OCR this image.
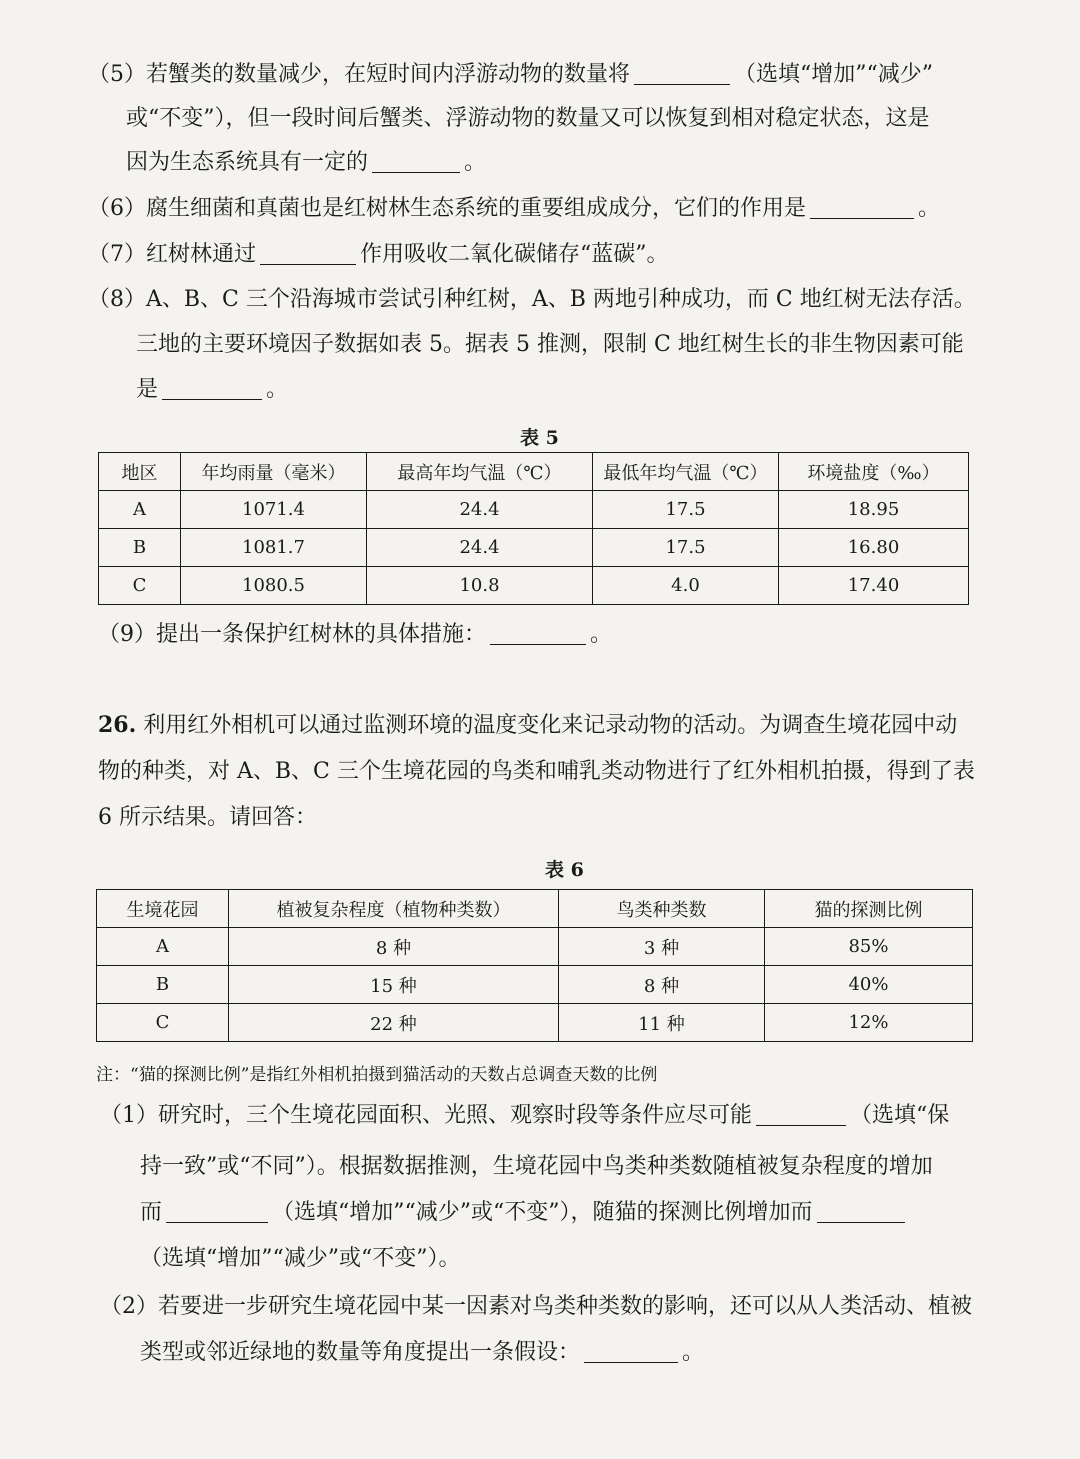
（5）若蟹类的数量减少，在短时间内浮游动物的数量将	（选填“增加”“减少”
或“不变”），但一段时间后蟹类、浮游动物的数量又可以恢复到相对稳定状态，这是
因为生态系统具有一定的	。
（6）腐生细菌和真菌也是红树林生态系统的重要组成成分，它们的作用是	。
（7）红树林通过	作用吸收二氧化碳储存“蓝碳”。
（8）A、B、C 三个沿海城市尝试引种红树，A、B 两地引种成功，而 C 地红树无法存活。
三地的主要环境因子数据如表 5。据表 5 推测，限制 C 地红树生长的非生物因素可能
是	。
表 5
地区	年均雨量（毫米）	最高年均气温（℃）	最低年均气温（℃）	环境盐度（‰）
A	1071.4	24.4	17.5	18.95
B	1081.7	24.4	17.5	16.80
C	1080.5	10.8	4.0	17.40
（9）提出一条保护红树林的具体措施：	。
26. 利用红外相机可以通过监测环境的温度变化来记录动物的活动。为调查生境花园中动
物的种类，对 A、B、C 三个生境花园的鸟类和哺乳类动物进行了红外相机拍摄，得到了表
6 所示结果。请回答：
表 6
生境花园	植被复杂程度（植物种类数）	鸟类种类数	猫的探测比例
A	8 种	3 种	85%
B	15 种	8 种	40%
C	22 种	11 种	12%
注：“猫的探测比例”是指红外相机拍摄到猫活动的天数占总调查天数的比例
（1）研究时，三个生境花园面积、光照、观察时段等条件应尽可能	（选填“保
持一致”或“不同”）。根据数据推测，生境花园中鸟类种类数随植被复杂程度的增加
而	（选填“增加”“减少”或“不变”），随猫的探测比例增加而
（选填“增加”“减少”或“不变”）。
（2）若要进一步研究生境花园中某一因素对鸟类种类数的影响，还可以从人类活动、植被
类型或邻近绿地的数量等角度提出一条假设：	。
